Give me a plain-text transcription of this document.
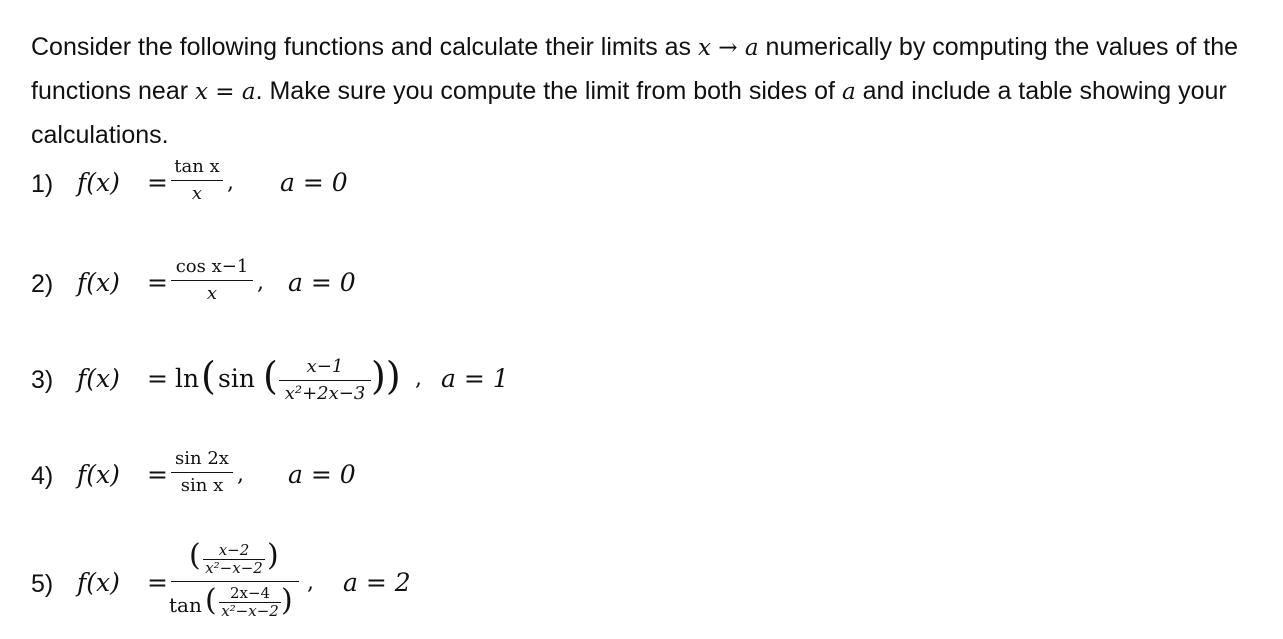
Consider the following functions and calculate their limits as x → a numerically by computing the values of the functions near x = a. Make sure you compute the limit from both sides of a and include a table showing your calculations.
1) f(x) =
tan x
x	, a = 0
2) f(x) =
cos x−1
x	, a = 0
3) f(x) = ln ( sin (	x−1
x²+2x−3 )) , a = 1
4) f(x) =
sin 2x
sin x , a = 0
5) f(x) =
(	x−2
x²−x−2 )
tan ( 2x−4
x²−x−2 )
, a = 2
